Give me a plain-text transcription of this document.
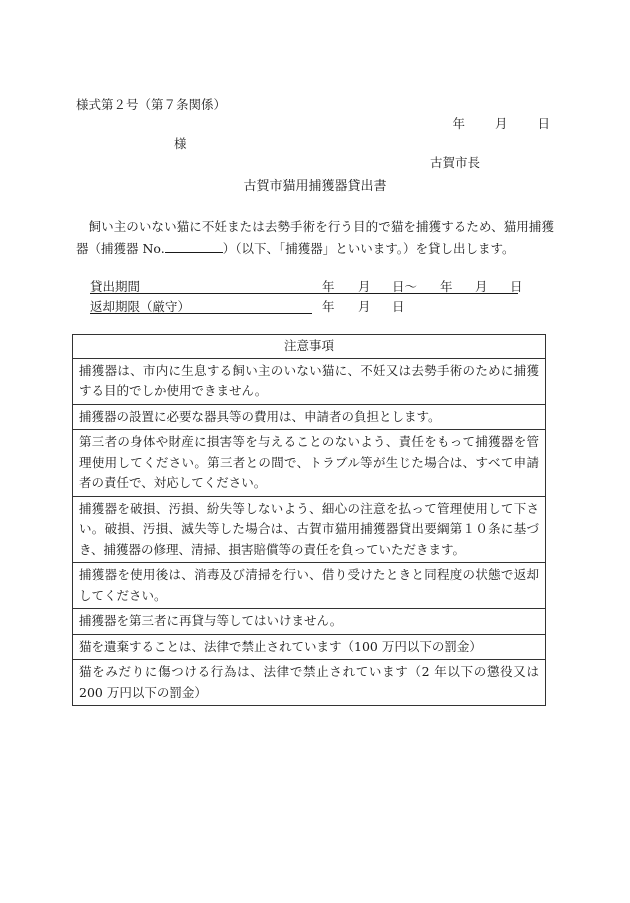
様式第２号（第７条関係）
年 月 日
様
古賀市長
古賀市猫用捕獲器貸出書
飼い主のいない猫に不妊または去勢手術を行う目的で猫を捕獲するため、猫用捕獲器（捕獲器 No.	）（以下、「捕獲器」といいます。）を貸し出します。
貸出期間	年 月 日～ 年 月 日
返却期限（厳守）	年 月 日
注意事項
捕獲器は、市内に生息する飼い主のいない猫に、不妊又は去勢手術のために捕獲する目的でしか使用できません。
捕獲器の設置に必要な器具等の費用は、申請者の負担とします。
第三者の身体や財産に損害等を与えることのないよう、責任をもって捕獲器を管理使用してください。第三者との間で、トラブル等が生じた場合は、すべて申請者の責任で、対応してください。
捕獲器を破損、汚損、紛失等しないよう、細心の注意を払って管理使用して下さい。破損、汚損、滅失等した場合は、古賀市猫用捕獲器貸出要綱第１０条に基づき、捕獲器の修理、清掃、損害賠償等の責任を負っていただきます。
捕獲器を使用後は、消毒及び清掃を行い、借り受けたときと同程度の状態で返却してください。
捕獲器を第三者に再貸与等してはいけません。
猫を遺棄することは、法律で禁止されています（100 万円以下の罰金）
猫をみだりに傷つける行為は、法律で禁止されています（2 年以下の懲役又は 200 万円以下の罰金）
